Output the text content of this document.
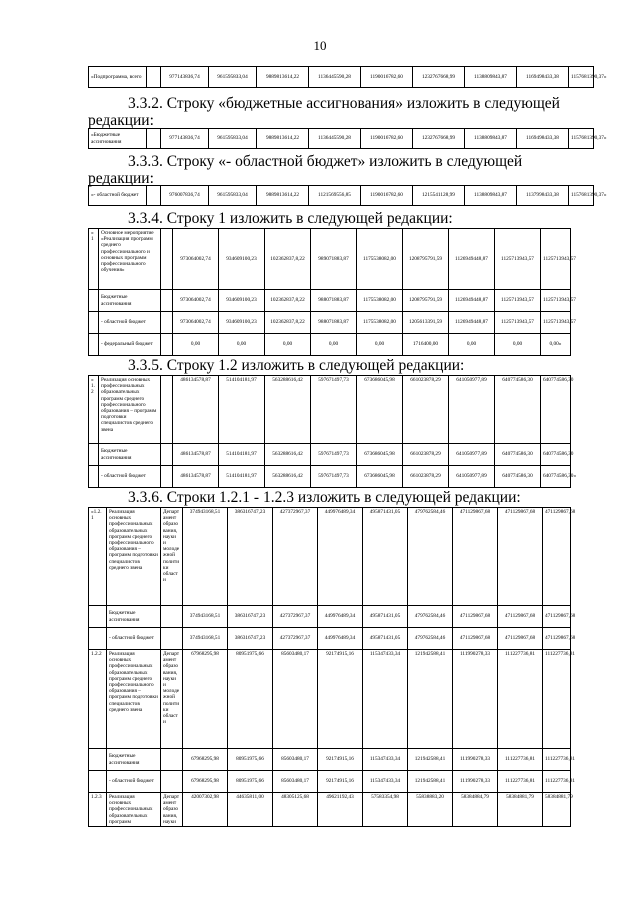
10
«Подпрограмма, всего		9771438З6,74	9615958ЗЗ,04	9889813614,22	1136445590,28	1190016782,60	1232767668,99	1138809843,87	1169498433,38	1157681390,37»
3.3.2. Строку «бюджетные ассигнования» изложить в следующей
редакции:
«Бюджетные ассигнования		977143836,74	961595833,04	9889813614,22	1136445590,28	1190016782,60	1232767668,99	1138809843,87	1169498433,38	1157681390,37»
3.3.3. Строку «- областной бюджет» изложить в следующей
редакции:
«- областной бюджет		976007836,74	961595833,04	9889813614,22	1121569556,85	1190016782,60	1215541128,99	1138809843,87	1137998433,38	1157681390,37»
3.3.4. Строку 1 изложить в следующей редакции:
«1	Основное мероприятие «Реализация программ среднего профессионального и основных программ профессионального обучения»		973064002,74	934609100,23	102362837,8,22	989071883,87	1175538082,00	1208795791,59	1126949448,87	1125713943,57	1125713943,57
	Бюджетные ассигнования		973064002,74	934609100,23	102362837,8,22	988071883,87	1175538082,00	1208795791,59	1126949448,87	1125713943,57	1125713943,57
	- областной бюджет		973064002,74	934609100,23	102362837,8,22	988071883,87	1175538082,00	1205613391,59	1126949448,87	1125713943,57	1125713943,57
	- федеральный бюджет		0,00	0,00	0,00	0,00	0,00	1716400,00	0,00	0,00	0,00»
3.3.5. Строку 1.2 изложить в следующей редакции:
«1.2	Реализация основных профессиональных образовательных программ среднего профессионального образования – программ подготовки специалистов среднего звена		486134578,87	514104181,97	563288616,42	597671497,73	673686045,98	661023878,29	641050977,89	640774586,30	640774586,30
	Бюджетные ассигнования		486134578,87	514104181,97	563288616,42	597671497,73	673686045,98	661023878,29	641050977,89	640774586,30	640774586,30
	- областной бюджет		486134578,87	514104181,97	563288616,42	597671497,73	673686045,98	661023878,29	641050977,89	640774586,30	640774586,30»
3.3.6. Строки 1.2.1 - 1.2.3 изложить в следующей редакции:
«1.2.1	Реализация основных профессиональных образовательных программ среднего профессионального образования – программ подготовки специалистов среднего звена	Департамент образования, науки и молодежной политики области	374943168,51	386316747,23	427372967,37	449976489,34	495871431,05	479762584,46	471129867,68	471129867,68	471129867,68
	Бюджетные ассигнования		374943168,51	386316747,23	427372967,37	449976489,34	495871431,05	479762584,46	471129867,68	471129867,68	471129867,68
	- областной бюджет		374943168,51	386316747,23	427372967,37	449976489,34	495871431,05	479762584,46	471129867,68	471129867,68	471129867,68
1.2.2	Реализация основных профессиональных образовательных программ среднего профессионального образования – программ подготовки специалистов среднего звена	Департамент образования, науки и молодежной политики области	67968295,98	80951975,66	85603480,17	92174915,16	115347433,34	121942588,41	111990278,33	111227736,81	111227736,81
	Бюджетные ассигнования		67968295,98	80951975,66	85603480,17	92174915,16	115347433,34	121942588,41	111990278,33	111227736,81	111227736,81
	- областной бюджет		67968295,98	80951975,66	85603480,17	92174915,16	115347433,34	121942588,41	111990278,33	111227736,81	111227736,81
1.2.3	Реализация основных профессиональных образовательных программ	Департамент образования, науки	42007302,98	44635811,00	48305125,68	49621192,43	57583354,98	55838883,20	58384884,79	58384881,79	58384881,79
